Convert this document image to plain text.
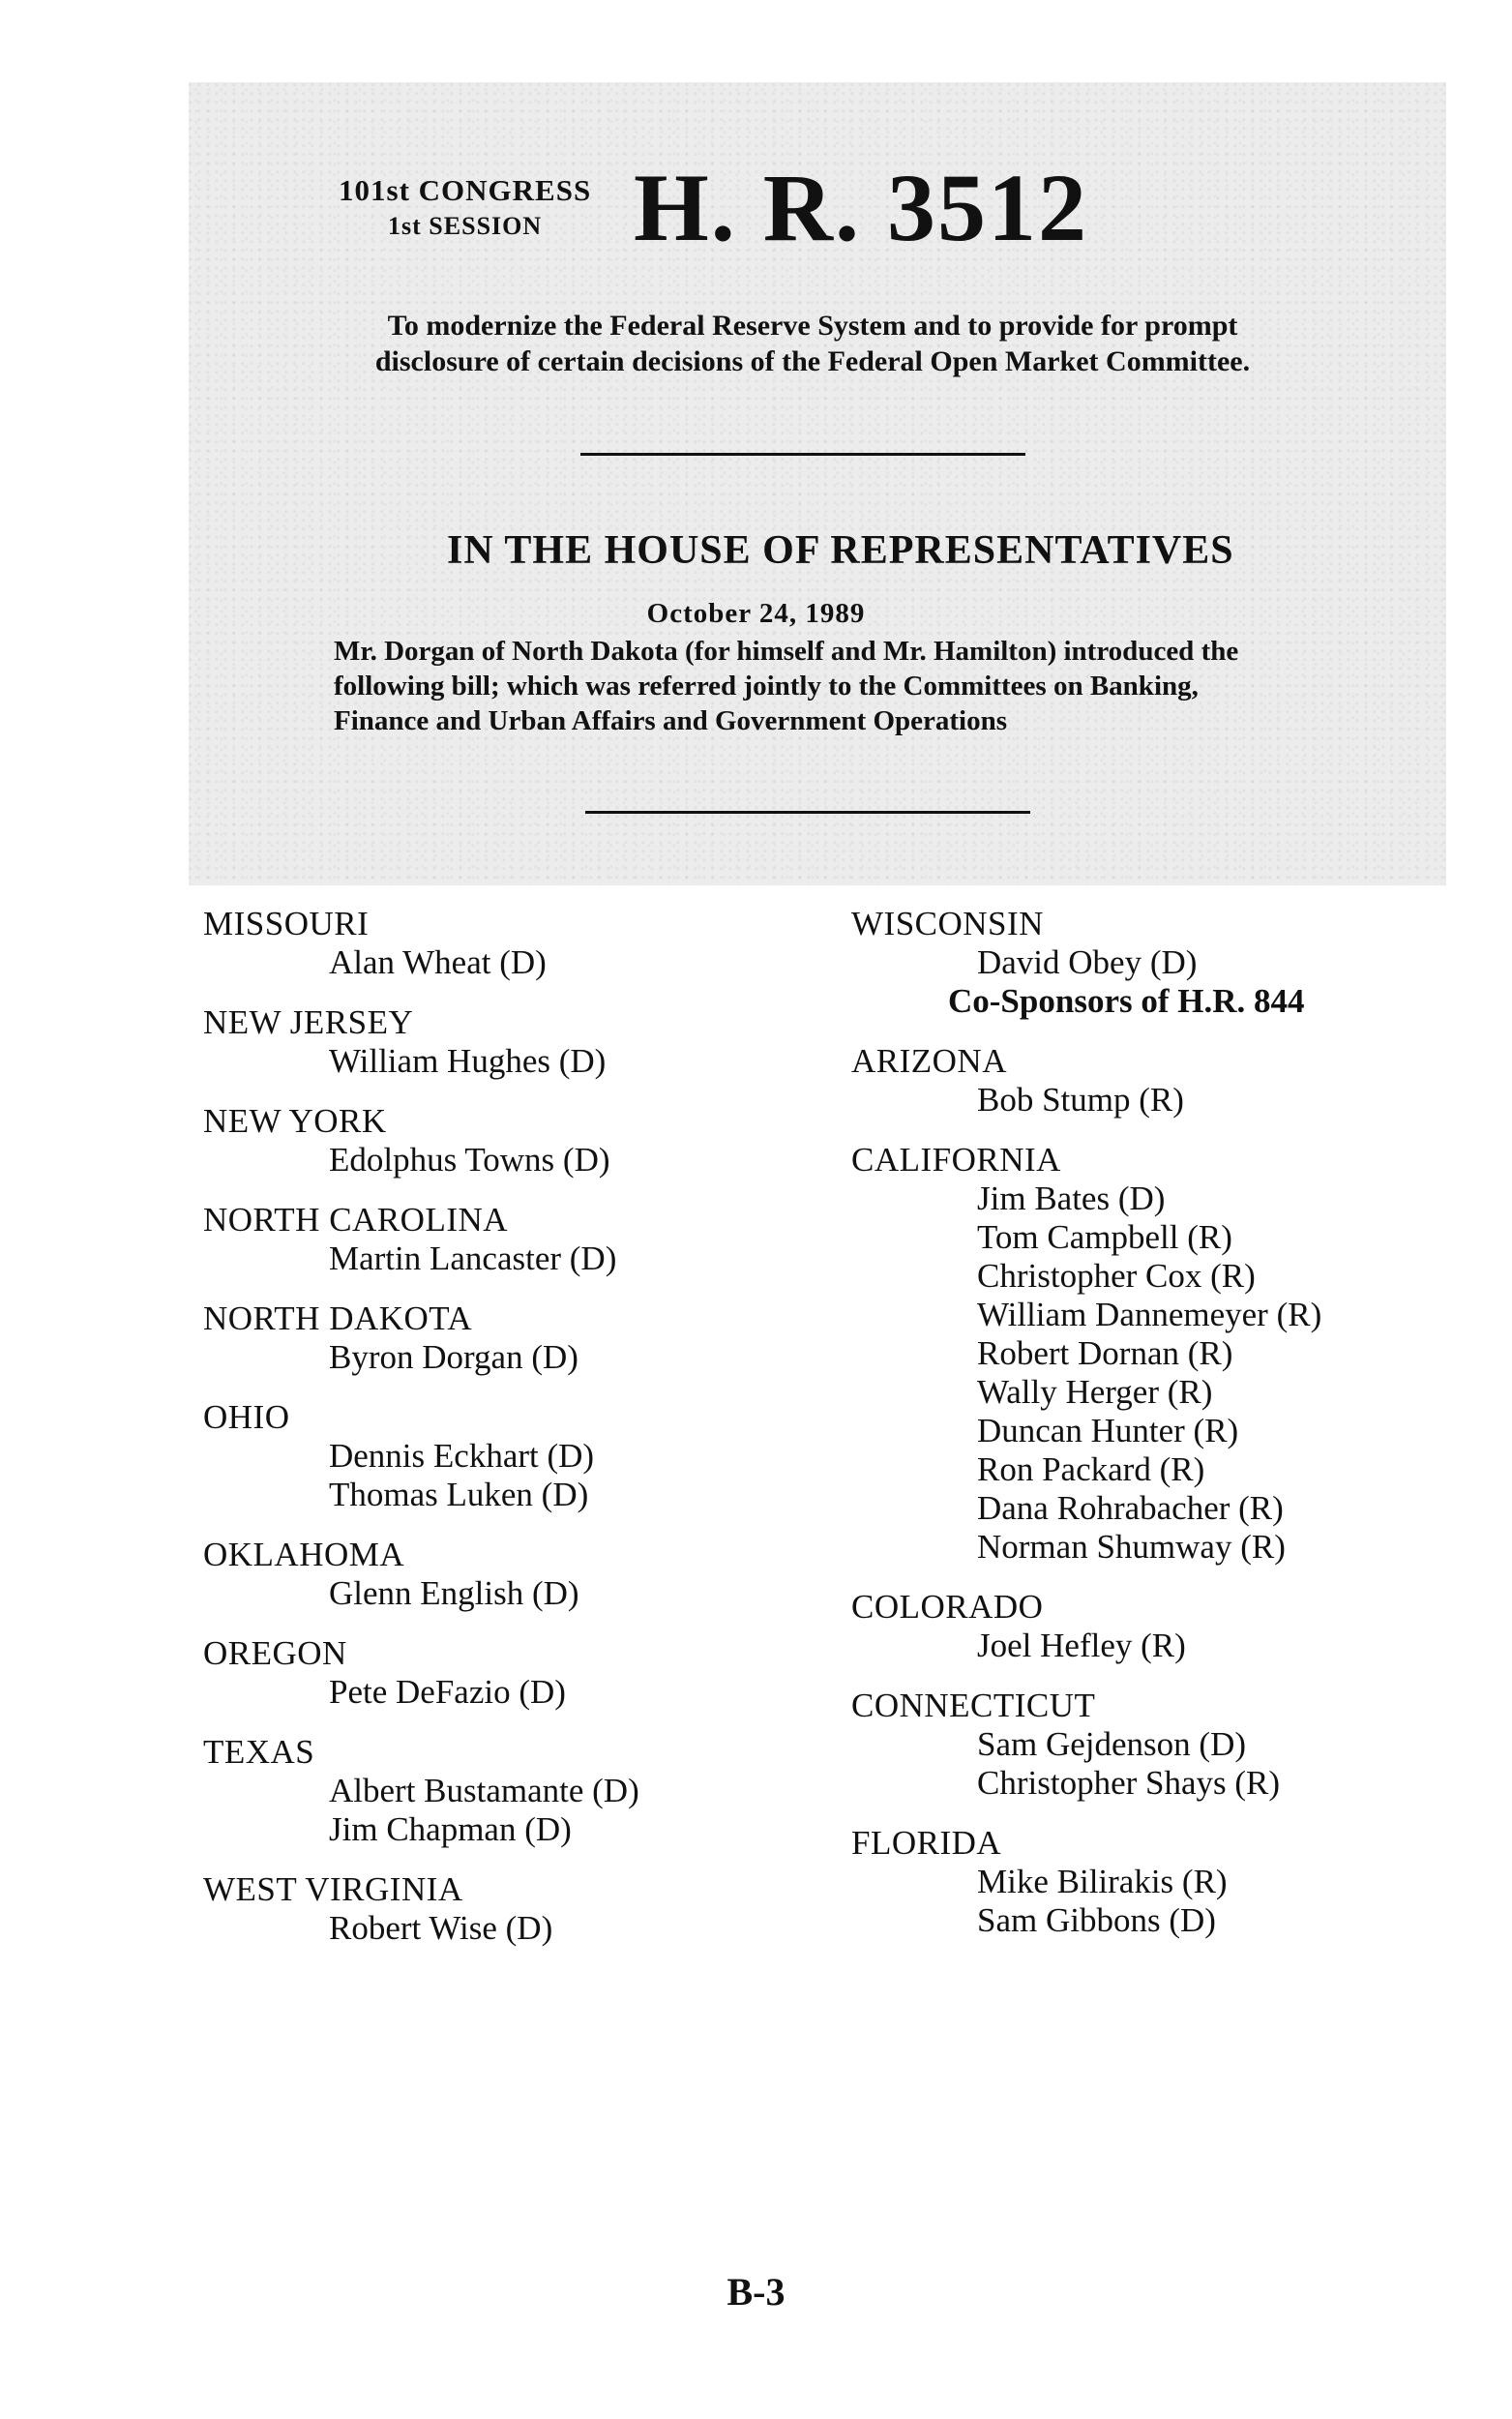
101st CONGRESS
1st SESSION H. R. 3512
To modernize the Federal Reserve System and to provide for prompt disclosure of certain decisions of the Federal Open Market Committee.
IN THE HOUSE OF REPRESENTATIVES
October 24, 1989
Mr. Dorgan of North Dakota (for himself and Mr. Hamilton) introduced the following bill; which was referred jointly to the Committees on Banking, Finance and Urban Affairs and Government Operations
MISSOURI
Alan Wheat (D)
NEW JERSEY
William Hughes (D)
NEW YORK
Edolphus Towns (D)
NORTH CAROLINA
Martin Lancaster (D)
NORTH DAKOTA
Byron Dorgan (D)
OHIO
Dennis Eckhart (D)
Thomas Luken (D)
OKLAHOMA
Glenn English (D)
OREGON
Pete DeFazio (D)
TEXAS
Albert Bustamante (D)
Jim Chapman (D)
WEST VIRGINIA
Robert Wise (D)
WISCONSIN
David Obey (D)
Co-Sponsors of H.R. 844
ARIZONA
Bob Stump (R)
CALIFORNIA
Jim Bates (D)
Tom Campbell (R)
Christopher Cox (R)
William Dannemeyer (R)
Robert Dornan (R)
Wally Herger (R)
Duncan Hunter (R)
Ron Packard (R)
Dana Rohrabacher (R)
Norman Shumway (R)
COLORADO
Joel Hefley (R)
CONNECTICUT
Sam Gejdenson (D)
Christopher Shays (R)
FLORIDA
Mike Bilirakis (R)
Sam Gibbons (D)
B-3
